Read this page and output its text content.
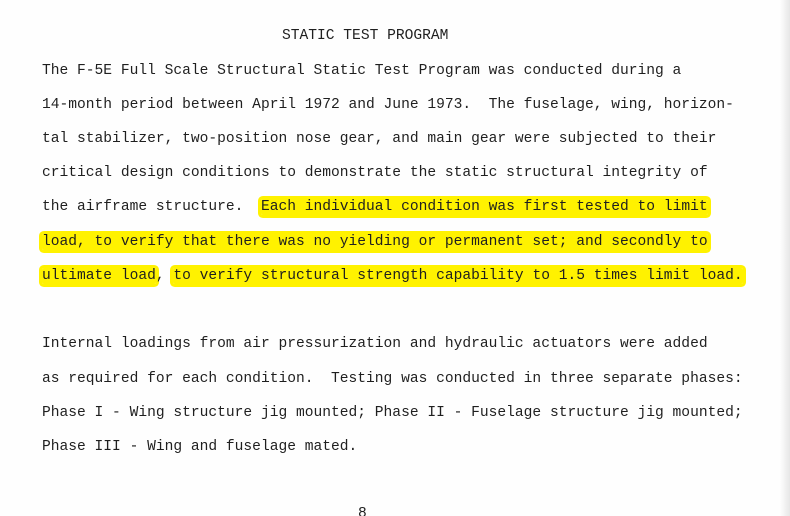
STATIC TEST PROGRAM
The F-5E Full Scale Structural Static Test Program was conducted during a
14-month period between April 1972 and June 1973.  The fuselage, wing, horizon-
tal stabilizer, two-position nose gear, and main gear were subjected to their
critical design conditions to demonstrate the static structural integrity of
the airframe structure.  Each individual condition was first tested to limit
load, to verify that there was no yielding or permanent set; and secondly to
ultimate load, to verify structural strength capability to 1.5 times limit load.
Internal loadings from air pressurization and hydraulic actuators were added
as required for each condition.  Testing was conducted in three separate phases:
Phase I - Wing structure jig mounted; Phase II - Fuselage structure jig mounted;
Phase III - Wing and fuselage mated.
8
